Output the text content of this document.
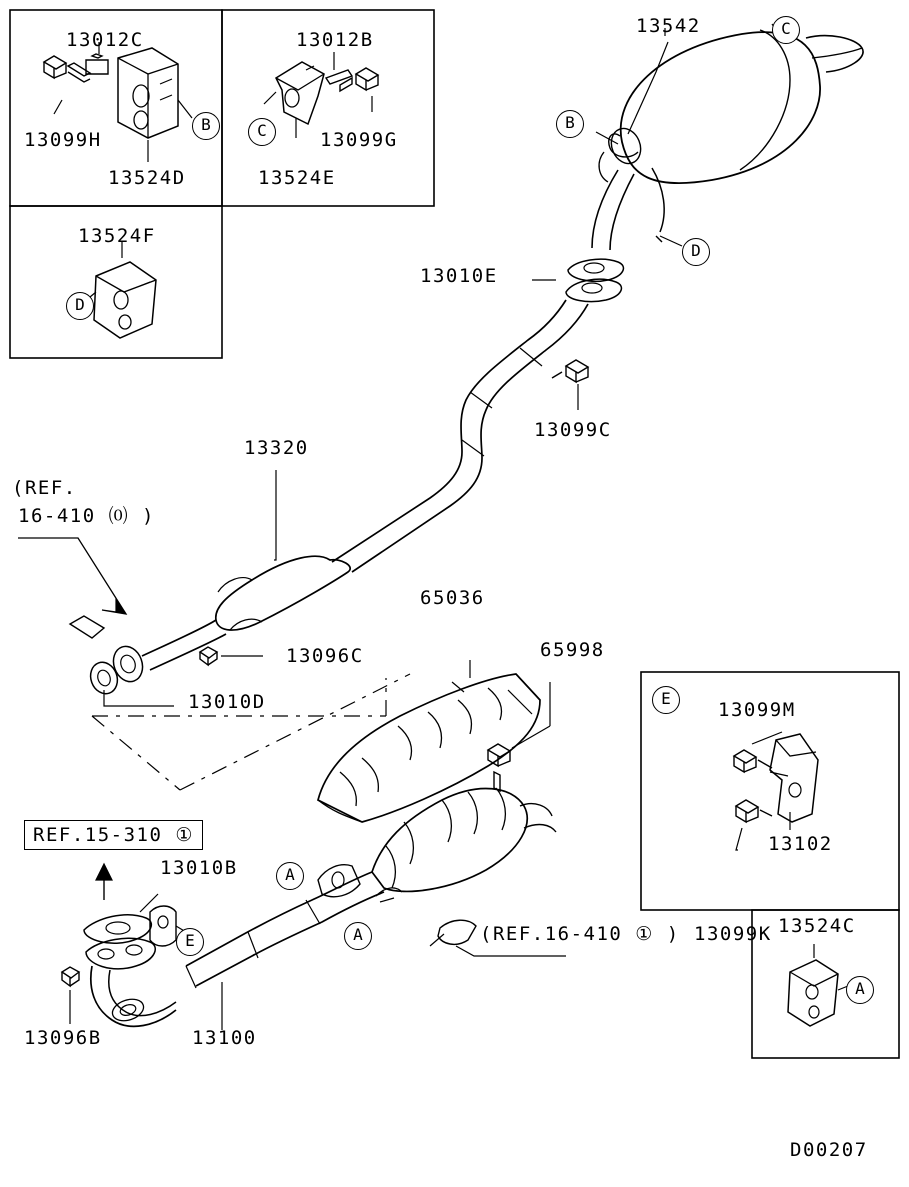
13012C
13099H
13524D
B
13012B
13099G
13524E
C
13524F
D
13542	C
B
D
13010E
13099C
13320
13096C
13010D
(REF.
16-410 ⒪ )
65036
65998
E
13099M
13102
13099K 13524C
A
REF.15-310 ①
13010B
E
A
A
13096B	13100
(REF.16-410 ① )
D00207
